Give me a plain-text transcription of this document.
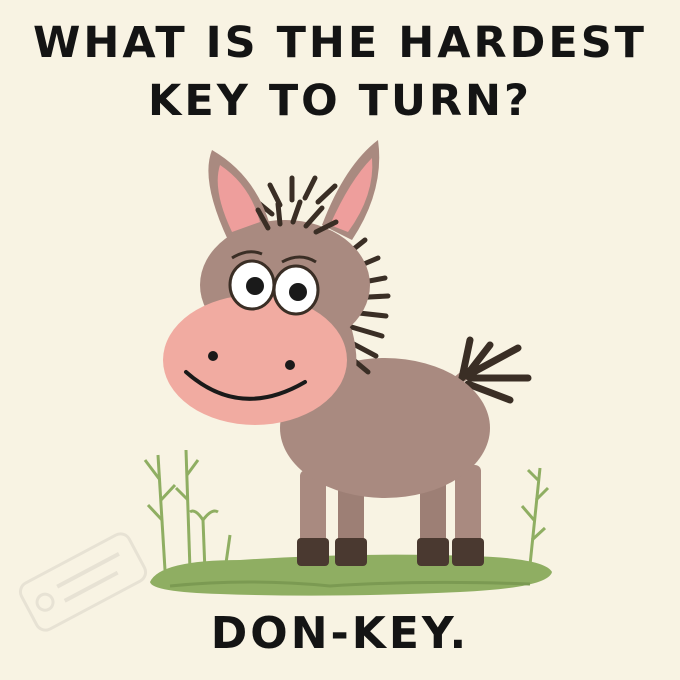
WHAT IS THE HARDEST
KEY TO TURN?
DON-KEY.
